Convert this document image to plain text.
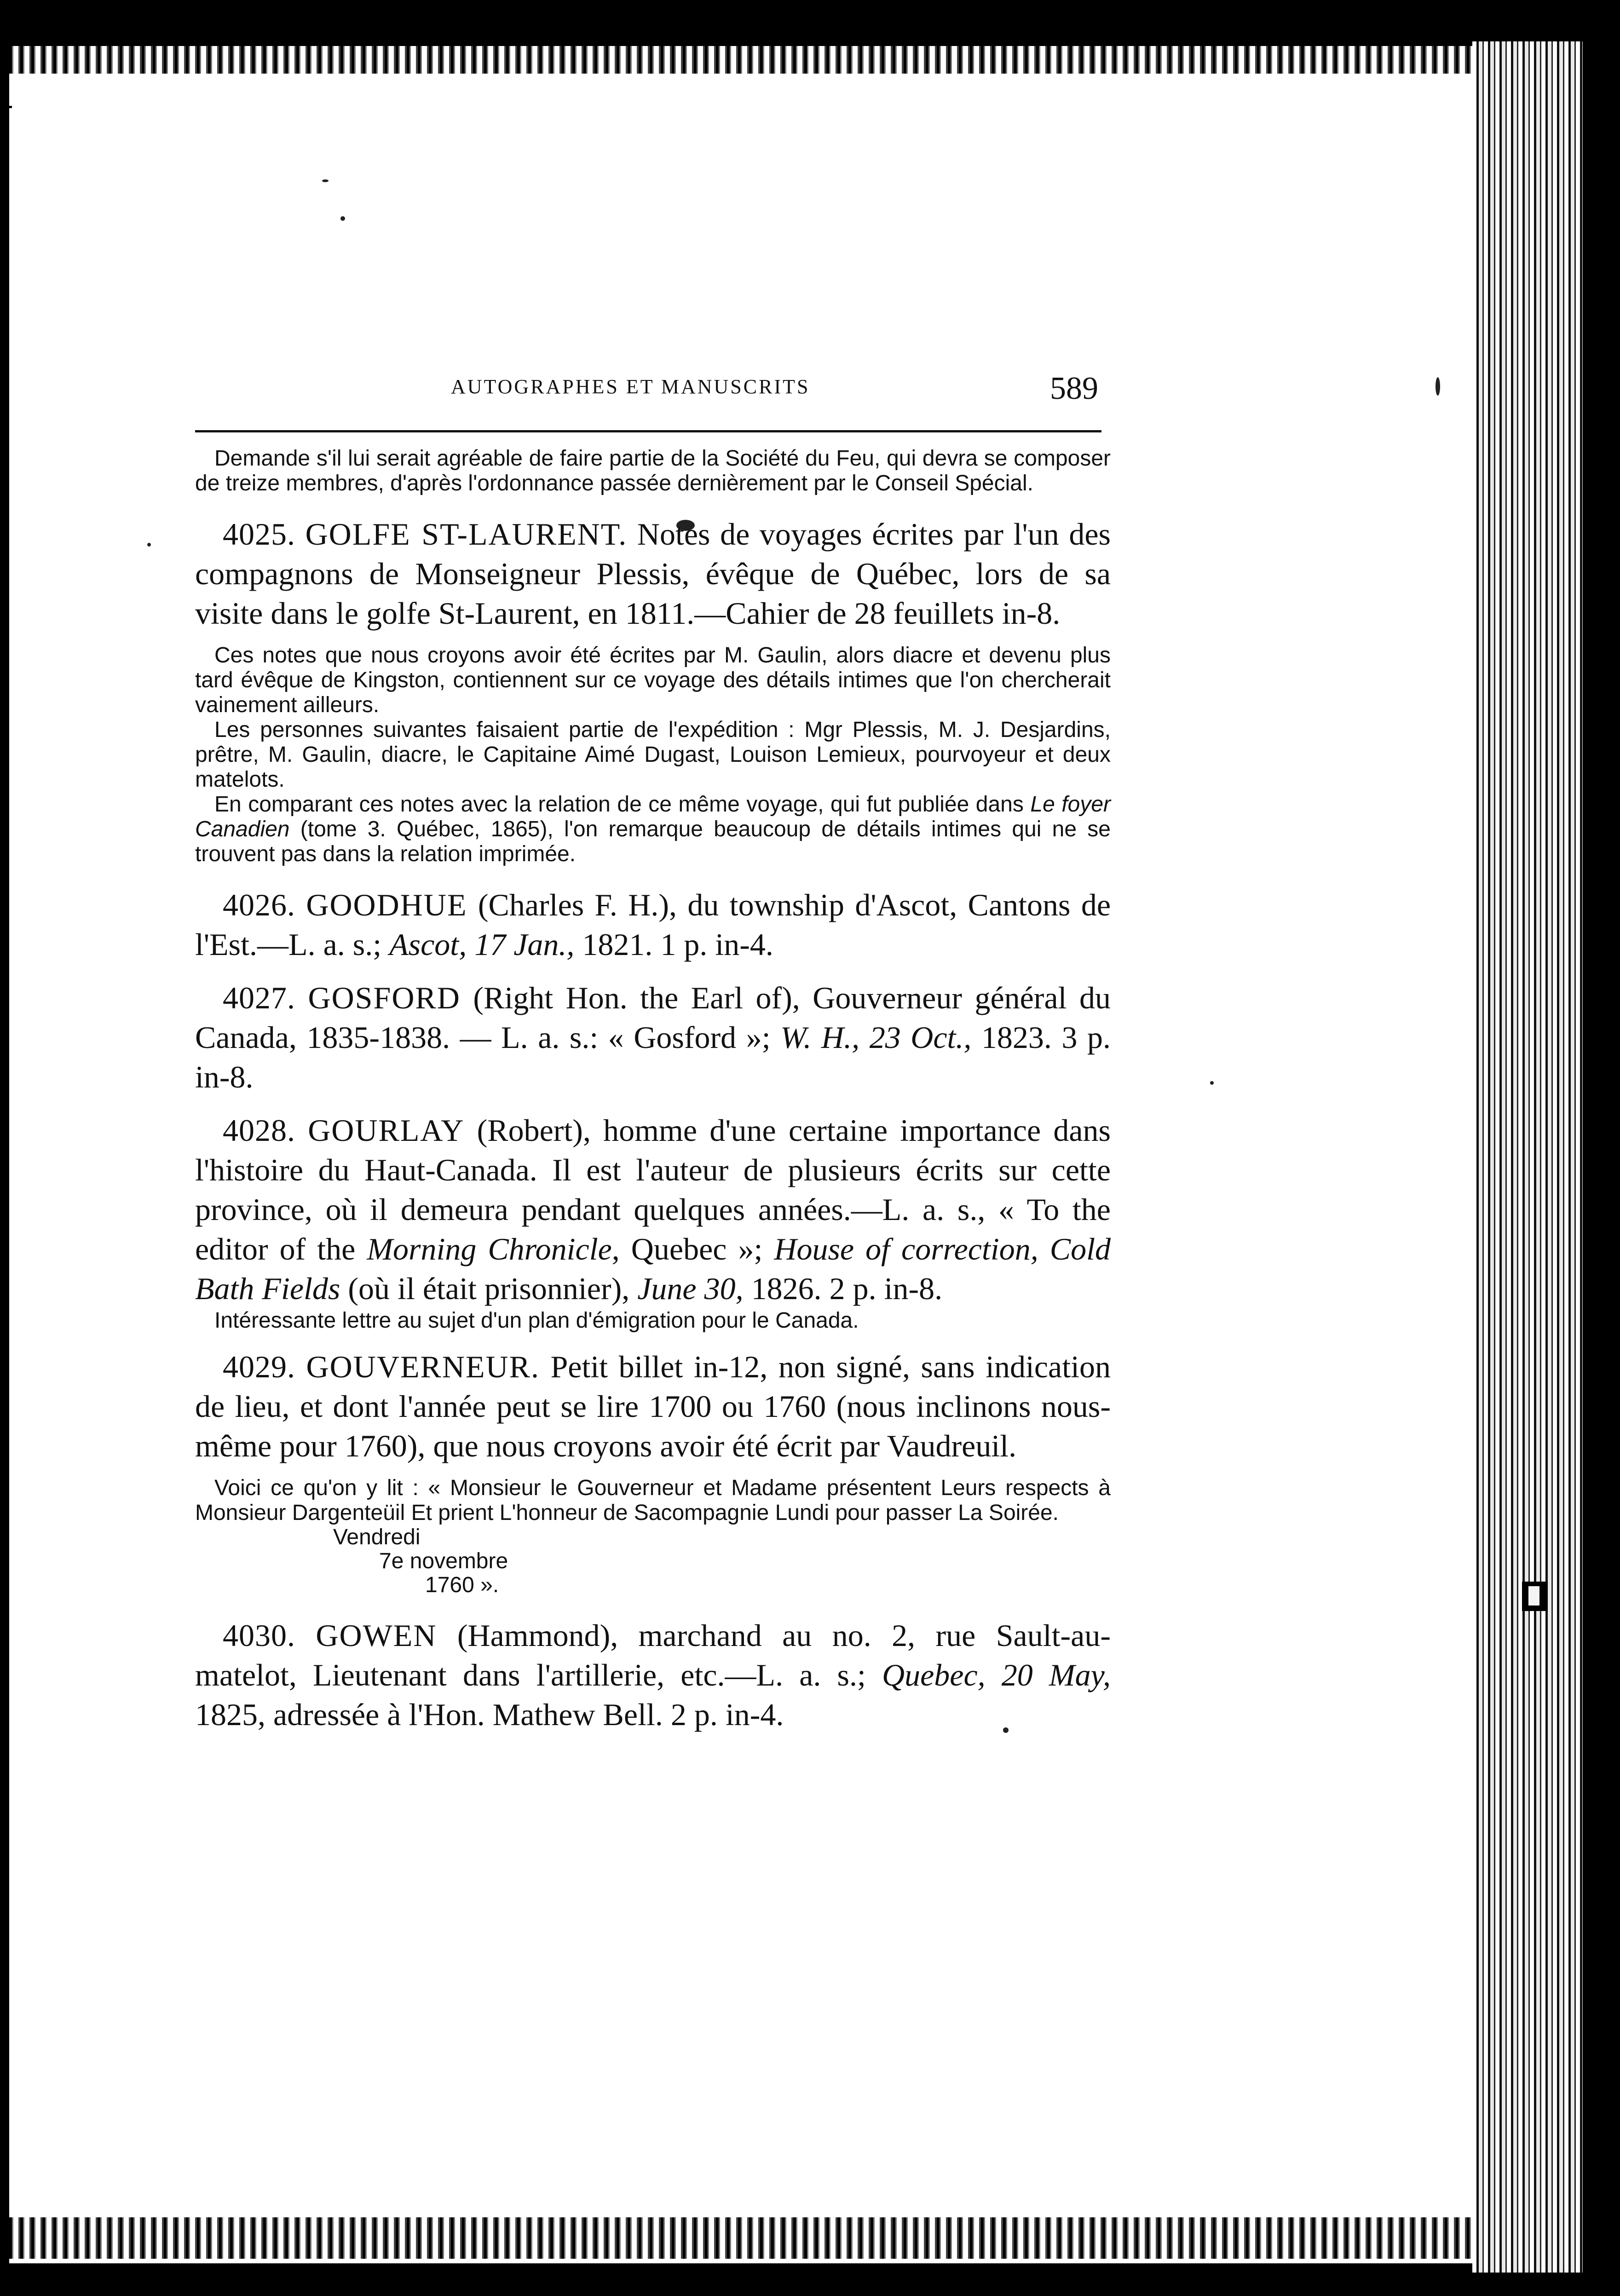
AUTOGRAPHES ET MANUSCRITS	589

Demande s'il lui serait agréable de faire partie de la Société du Feu, qui devra se composer de treize membres, d'après l'ordonnance passée dernièrement par le Conseil Spécial.

4025. GOLFE ST-LAURENT. Notes de voyages écrites par l'un des compagnons de Monseigneur Plessis, évêque de Québec, lors de sa visite dans le golfe St-Laurent, en 1811.—Cahier de 28 feuillets in-8.

Ces notes que nous croyons avoir été écrites par M. Gaulin, alors diacre et devenu plus tard évêque de Kingston, contiennent sur ce voyage des détails intimes que l'on chercherait vainement ailleurs.

Les personnes suivantes faisaient partie de l'expédition : Mgr Plessis, M. J. Desjardins, prêtre, M. Gaulin, diacre, le Capitaine Aimé Dugast, Louison Lemieux, pourvoyeur et deux matelots.

En comparant ces notes avec la relation de ce même voyage, qui fut publiée dans Le foyer Canadien (tome 3. Québec, 1865), l'on remarque beaucoup de détails intimes qui ne se trouvent pas dans la relation imprimée.

4026. GOODHUE (Charles F. H.), du township d'Ascot, Cantons de l'Est.—L. a. s.; Ascot, 17 Jan., 1821. 1 p. in-4.

4027. GOSFORD (Right Hon. the Earl of), Gouverneur général du Canada, 1835-1838. — L. a. s.: « Gosford »; W. H., 23 Oct., 1823. 3 p. in-8.

4028. GOURLAY (Robert), homme d'une certaine importance dans l'histoire du Haut-Canada. Il est l'auteur de plusieurs écrits sur cette province, où il demeura pendant quelques années.—L. a. s., « To the editor of the Morning Chronicle, Quebec »; House of correction, Cold Bath Fields (où il était prisonnier), June 30, 1826. 2 p. in-8.

Intéressante lettre au sujet d'un plan d'émigration pour le Canada.

4029. GOUVERNEUR. Petit billet in-12, non signé, sans indication de lieu, et dont l'année peut se lire 1700 ou 1760 (nous inclinons nous-même pour 1760), que nous croyons avoir été écrit par Vaudreuil.

Voici ce qu'on y lit : « Monsieur le Gouverneur et Madame présentent Leurs respects à Monsieur Dargenteüil Et prient L'honneur de Sacompagnie Lundi pour passer La Soirée.

Vendredi
7e novembre
1760 ».

4030. GOWEN (Hammond), marchand au no. 2, rue Sault-au-matelot, Lieutenant dans l'artillerie, etc.—L. a. s.; Quebec, 20 May, 1825, adressée à l'Hon. Mathew Bell. 2 p. in-4.
